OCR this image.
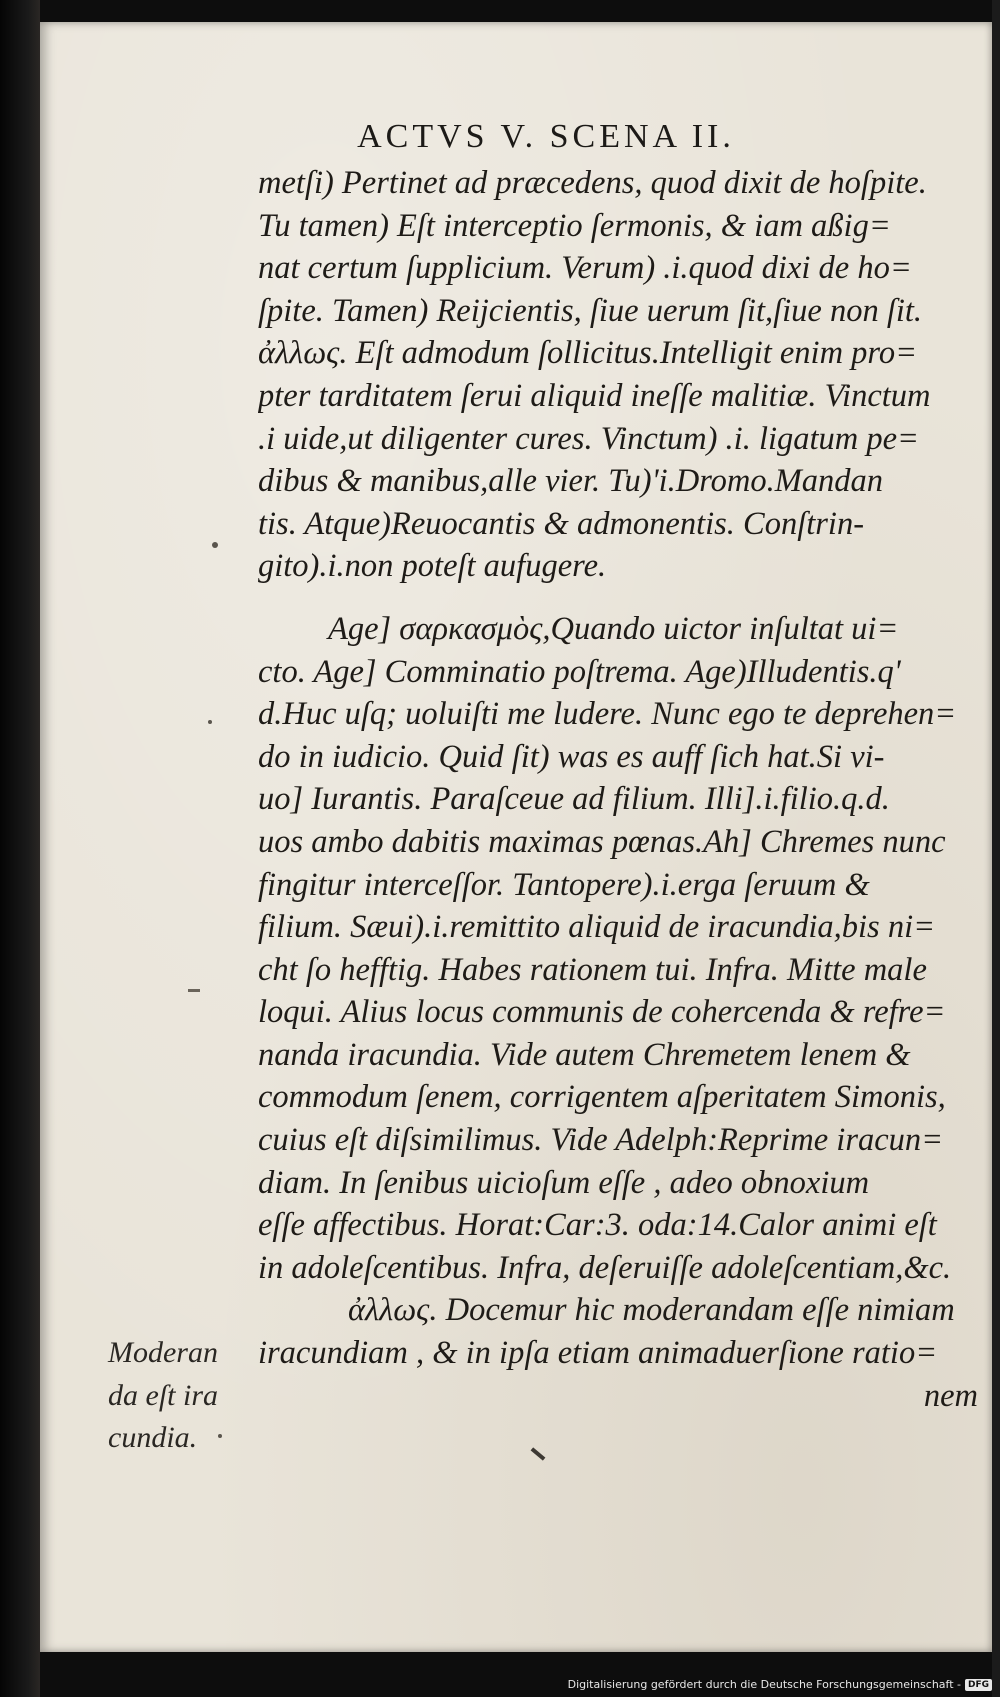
ACTVS V. SCENA II.
metſi) Pertinet ad præcedens, quod dixit de hoſpite.
Tu tamen) Eſt interceptio ſermonis, & iam aßig=
nat certum ſupplicium. Verum) .i.quod dixi de ho=
ſpite. Tamen) Reijcientis, ſiue uerum ſit,ſiue non ſit.
ἀλλως. Eſt admodum ſollicitus.Intelligit enim pro=
pter tarditatem ſerui aliquid ineſſe malitiæ. Vinctum
.i uide,ut diligenter cures. Vinctum) .i. ligatum pe=
dibus & manibus,alle vier. Tu)'i.Dromo.Mandan
tis. Atque)Reuocantis & admonentis. Conſtrin-
gito).i.non poteſt aufugere.
Age] σαρκασμὸς,Quando uictor inſultat ui=
cto. Age] Comminatio poſtrema. Age)Illudentis.q'
d.Huc uſq; uoluiſti me ludere. Nunc ego te deprehen=
do in iudicio. Quid ſit) was es auff ſich hat.Si vi-
uo] Iurantis. Paraſceue ad filium. Illi].i.filio.q.d.
uos ambo dabitis maximas pœnas.Ah] Chremes nunc
fingitur interceſſor. Tantopere).i.erga ſeruum &
filium. Sæui).i.remittito aliquid de iracundia,bis ni=
cht ſo hefftig. Habes rationem tui. Infra. Mitte male
loqui. Alius locus communis de cohercenda & refre=
nanda iracundia. Vide autem Chremetem lenem &
commodum ſenem, corrigentem aſperitatem Simonis,
cuius eſt diſsimilimus. Vide Adelph:Reprime iracun=
diam. In ſenibus uicioſum eſſe , adeo obnoxium
eſſe affectibus. Horat:Car:3. oda:14.Calor animi eſt
in adoleſcentibus. Infra, deſeruiſſe adoleſcentiam,&c.
ἀλλως. Docemur hic moderandam eſſe nimiam
iracundiam , & in ipſa etiam animaduerſione ratio=
nem
Moderan
da eſt ira
cundia.
Digitalisierung gefördert durch die Deutsche Forschungsgemeinschaft - DFG
